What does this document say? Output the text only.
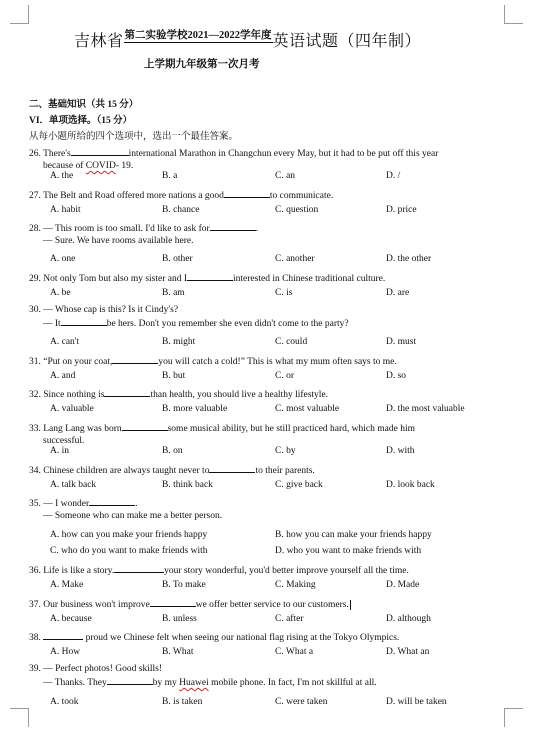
吉林省第二实验学校2021—2022学年度英语试题（四年制）
上学期九年级第一次月考
二、基础知识（共 15 分）
VI．单项选择。（15 分）
从每小题所给的四个选项中，选出一个最佳答案。
26. There's	international Marathon in Changchun every May, but it had to be put off this year
because of COVID- 19.
A. the	B. a	C. an	D. /
27. The Belt and Road offered more nations a good	to communicate.
A. habit	B. chance	C. question	D. price
28. — This room is too small. I'd like to ask for	.
— Sure. We have rooms available here.
A. one	B. other	C. another	D. the other
29. Not only Tom but also my sister and I	interested in Chinese traditional culture.
A. be	B. am	C. is	D. are
30. — Whose cap is this? Is it Cindy's?
— It	be hers. Don't you remember she even didn't come to the party?
A. can't	B. might	C. could	D. must
31. “Put on your coat,	you will catch a cold!” This is what my mum often says to me.
A. and	B. but	C. or	D. so
32. Since nothing is	than health, you should live a healthy lifestyle.
A. valuable	B. more valuable	C. most valuable	D. the most valuable
33. Lang Lang was born	some musical ability, but he still practiced hard, which made him
successful.
A. in	B. on	C. by	D. with
34. Chinese children are always taught never to	to their parents.
A. talk back	B. think back	C. give back	D. look back
35. — I wonder	.
— Someone who can make me a better person.
A. how can you make your friends happy	B. how you can make your friends happy
C. who do you want to make friends with	D. who you want to make friends with
36. Life is like a story.	your story wonderful, you'd better improve yourself all the time.
A. Make	B. To make	C. Making	D. Made
37. Our business won't improve	we offer better service to our customers.
A. because	B. unless	C. after	D. although
38.	proud we Chinese felt when seeing our national flag rising at the Tokyo Olympics.
A. How	B. What	C. What a	D. What an
39. — Perfect photos! Good skills!
— Thanks. They	by my Huawei mobile phone. In fact, I'm not skillful at all.
A. took	B. is taken	C. were taken	D. will be taken
